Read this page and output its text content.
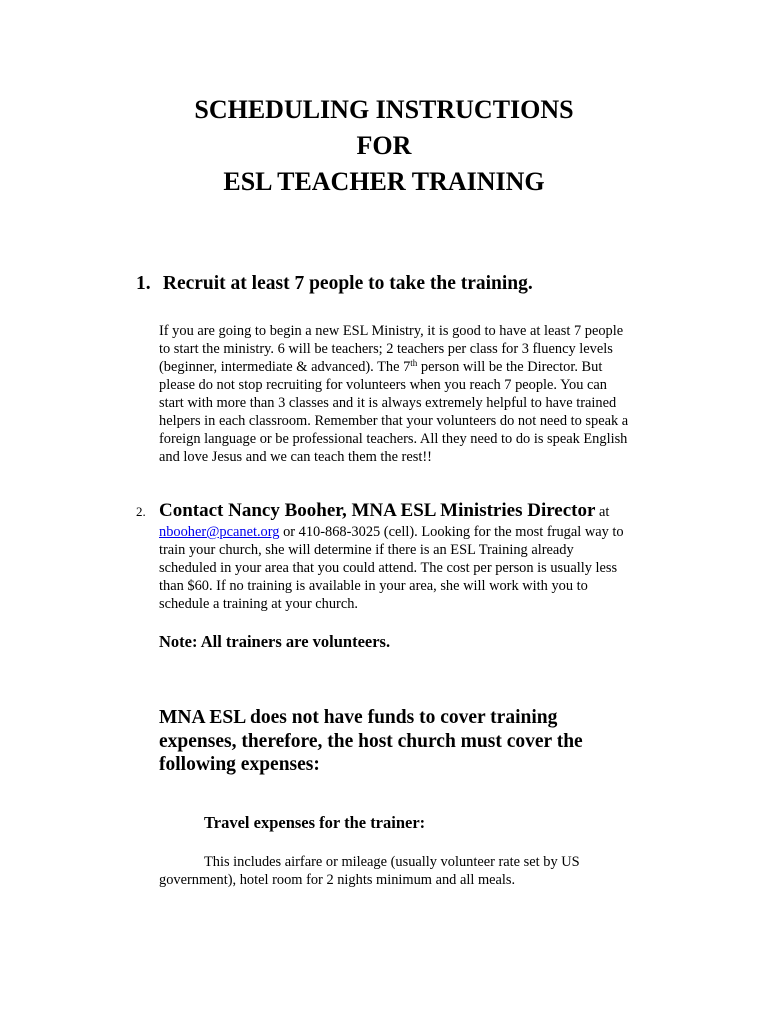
SCHEDULING INSTRUCTIONS
FOR
ESL TEACHER TRAINING
1. Recruit at least 7 people to take the training.
If you are going to begin a new ESL Ministry, it is good to have at least 7 people
to start the ministry. 6 will be teachers; 2 teachers per class for 3 fluency levels
(beginner, intermediate & advanced). The 7th person will be the Director. But
please do not stop recruiting for volunteers when you reach 7 people. You can
start with more than 3 classes and it is always extremely helpful to have trained
helpers in each classroom. Remember that your volunteers do not need to speak a
foreign language or be professional teachers. All they need to do is speak English
and love Jesus and we can teach them the rest!!
2. Contact Nancy Booher, MNA ESL Ministries Director at
nbooher@pcanet.org or 410-868-3025 (cell). Looking for the most frugal way to
train your church, she will determine if there is an ESL Training already
scheduled in your area that you could attend. The cost per person is usually less
than $60. If no training is available in your area, she will work with you to
schedule a training at your church.
Note: All trainers are volunteers.
MNA ESL does not have funds to cover training
expenses, therefore, the host church must cover the
following expenses:
Travel expenses for the trainer:
This includes airfare or mileage (usually volunteer rate set by US
government), hotel room for 2 nights minimum and all meals.
